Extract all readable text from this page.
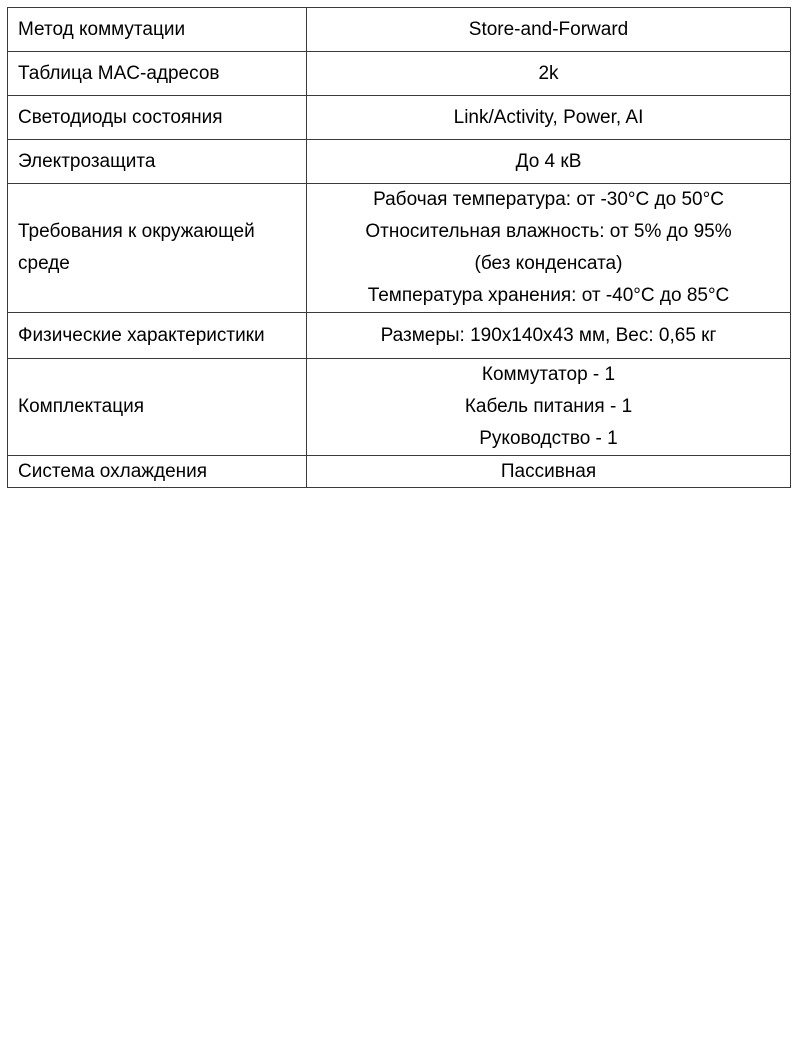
Метод коммутации	Store-and-Forward

Таблица MAC-адресов	2k

Светодиоды состояния	Link/Activity, Power, AI

Электрозащита	До 4 кВ

Требования к окружающей среде	Рабочая температура: от -30°C до 50°C
Относительная влажность: от 5% до 95%
(без конденсата)
Температура хранения: от -40°C до 85°C

Физические характеристики	Размеры: 190x140x43 мм, Вес: 0,65 кг

Комплектация	Коммутатор - 1
Кабель питания - 1
Руководство - 1

Система охлаждения	Пассивная
